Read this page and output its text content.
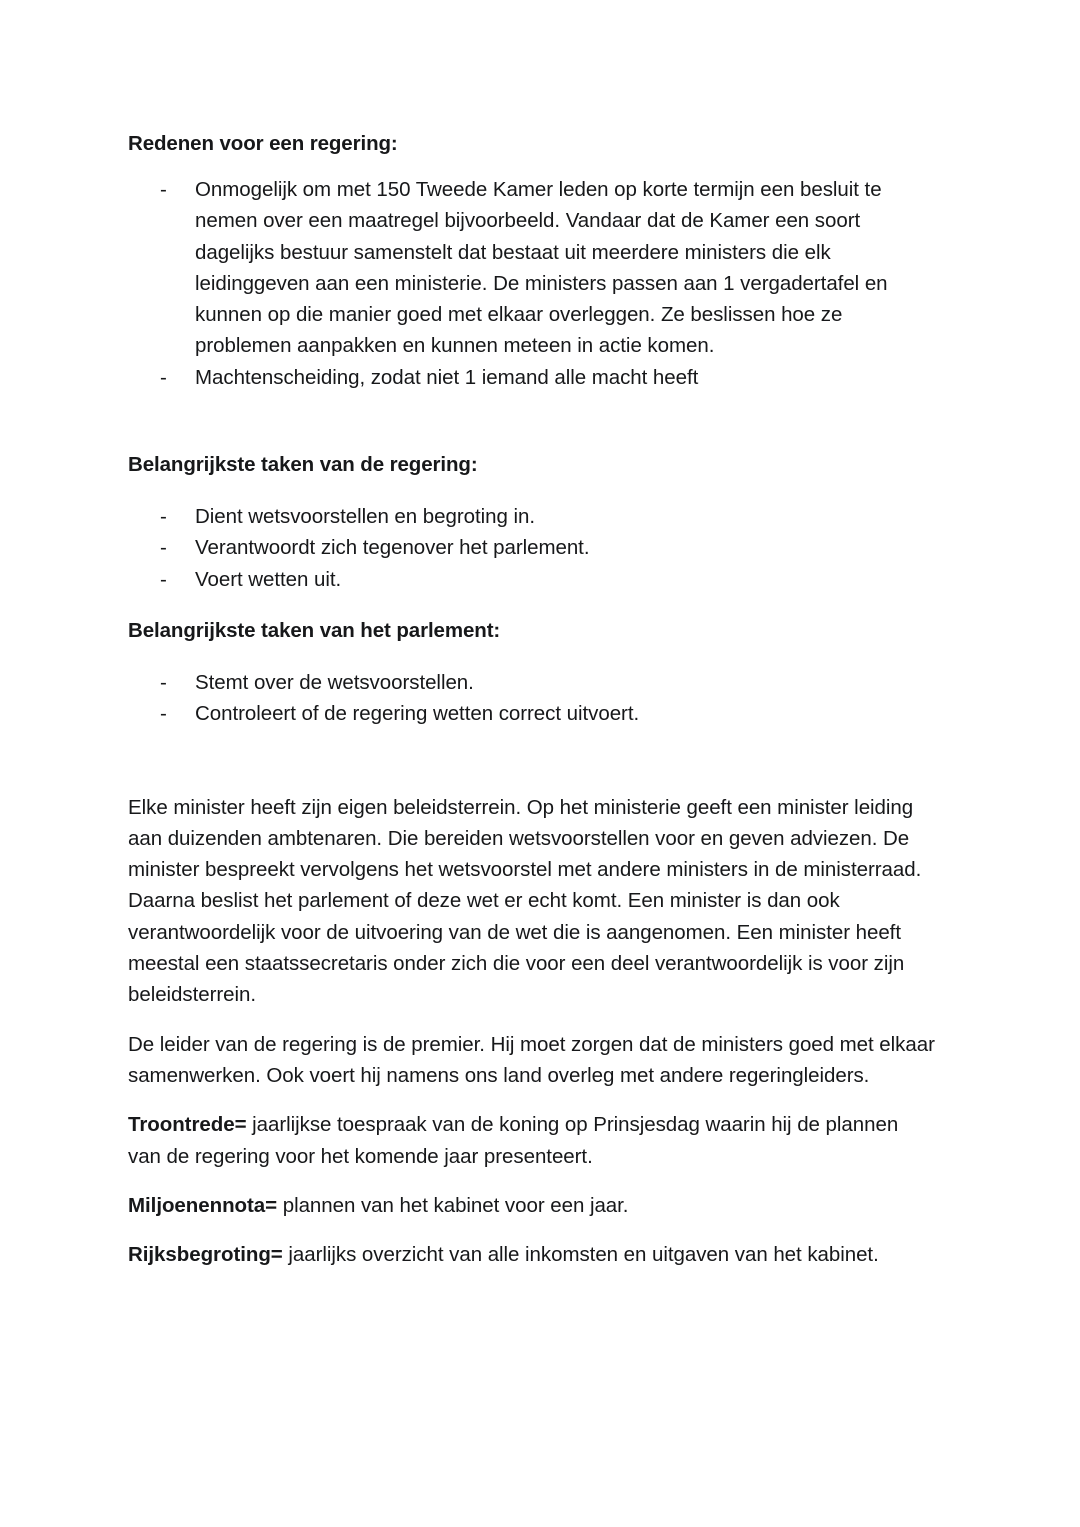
Redenen voor een regering:
- Onmogelijk om met 150 Tweede Kamer leden op korte termijn een besluit te nemen over een maatregel bijvoorbeeld. Vandaar dat de Kamer een soort dagelijks bestuur samenstelt dat bestaat uit meerdere ministers die elk leidinggeven aan een ministerie. De ministers passen aan 1 vergadertafel en kunnen op die manier goed met elkaar overleggen. Ze beslissen hoe ze problemen aanpakken en kunnen meteen in actie komen.
- Machtenscheiding, zodat niet 1 iemand alle macht heeft
Belangrijkste taken van de regering:
- Dient wetsvoorstellen en begroting in.
- Verantwoordt zich tegenover het parlement.
- Voert wetten uit.
Belangrijkste taken van het parlement:
- Stemt over de wetsvoorstellen.
- Controleert of de regering wetten correct uitvoert.

Elke minister heeft zijn eigen beleidsterrein. Op het ministerie geeft een minister leiding aan duizenden ambtenaren. Die bereiden wetsvoorstellen voor en geven adviezen. De minister bespreekt vervolgens het wetsvoorstel met andere ministers in de ministerraad. Daarna beslist het parlement of deze wet er echt komt. Een minister is dan ook verantwoordelijk voor de uitvoering van de wet die is aangenomen. Een minister heeft meestal een staatssecretaris onder zich die voor een deel verantwoordelijk is voor zijn beleidsterrein.

De leider van de regering is de premier. Hij moet zorgen dat de ministers goed met elkaar samenwerken. Ook voert hij namens ons land overleg met andere regeringleiders.

Troontrede= jaarlijkse toespraak van de koning op Prinsjesdag waarin hij de plannen van de regering voor het komende jaar presenteert.

Miljoenennota= plannen van het kabinet voor een jaar.

Rijksbegroting= jaarlijks overzicht van alle inkomsten en uitgaven van het kabinet.
